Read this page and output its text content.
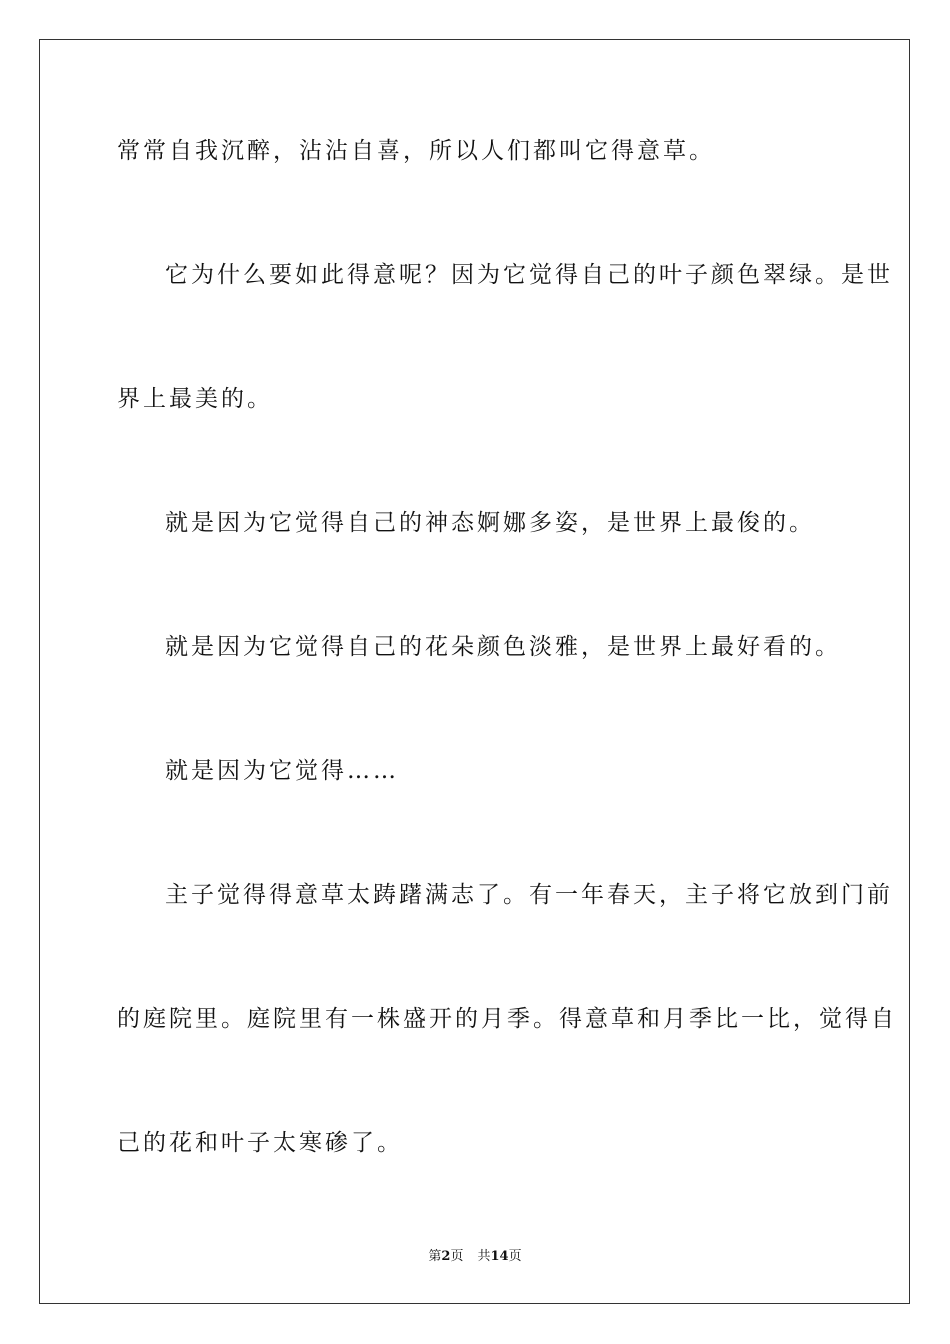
常常自我沉醉，沾沾自喜，所以人们都叫它得意草。
它为什么要如此得意呢？因为它觉得自己的叶子颜色翠绿。是世
界上最美的。
就是因为它觉得自己的神态婀娜多姿，是世界上最俊的。
就是因为它觉得自己的花朵颜色淡雅，是世界上最好看的。
就是因为它觉得……
主子觉得得意草太踌躇满志了。有一年春天，主子将它放到门前
的庭院里。庭院里有一株盛开的月季。得意草和月季比一比，觉得自
己的花和叶子太寒碜了。
第2页 共14页
